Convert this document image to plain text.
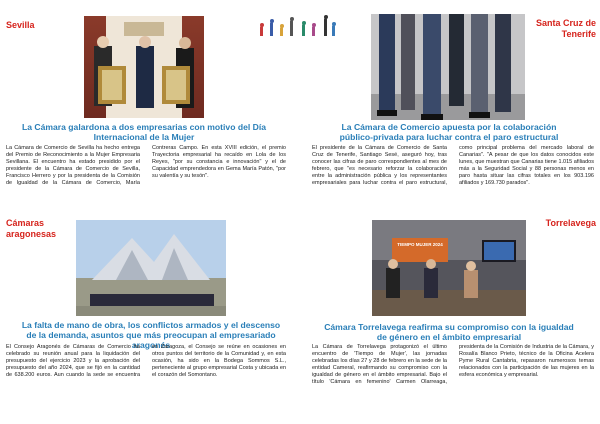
Sevilla
La Cámara galardona a dos empresarias con motivo del Día Internacional de la Mujer

La Cámara de Comercio de Sevilla ha hecho entrega del Premio de Reconocimiento a la Mujer Empresaria Sevillana. El encuentro ha estado presidido por el presidente de la Cámara de Comercio de Sevilla, Francisco Herrero y por la presidenta de la Comisión de Igualdad de la Cámara de Comercio, María Contreras Campo. En esta XVIII edición, el premio Trayectoria empresarial ha recaído en Lola de los Reyes, "por su constancia e innovación" y el de Capacidad emprendedora en Gema María Patón, "por su valentía y su tesón".

Santa Cruz de Tenerife
La Cámara de Comercio apuesta por la colaboración público-privada para luchar contra el paro estructural

El presidente de la Cámara de Comercio de Santa Cruz de Tenerife, Santiago Sesé, aseguró hoy, tras conocer las cifras de paro correspondientes al mes de febrero, que "es necesario reforzar la colaboración entre la administración pública y los representantes empresariales para luchar contra el paro estructural, como principal problema del mercado laboral de Canarias". "A pesar de que los datos conocidos este lunes, que muestran que Canarias tiene 1.015 afiliados más a la Seguridad Social y 88 personas menos en paro hasta situar las cifras totales en los 903.196 afiliados y 169.730 parados".

Cámaras aragonesas
La falta de mano de obra, los conflictos armados y el descenso de la demanda, asuntos que más preocupan al empresariado aragonés

El Consejo Aragonés de Cámaras de Comercio ha celebrado su reunión anual para la liquidación del presupuesto del ejercicio 2023 y la aprobación del presupuesto del año 2024, que se fijó en la cantidad de 638.200 euros. Aun cuando la sede se encuentra en Zaragoza, el Consejo se reúne en ocasiones en otros puntos del territorio de la Comunidad y, en esta ocasión, ha sido en la Bodega Sommos S.L., perteneciente al grupo empresarial Costa y ubicada en el corazón del Somontano.

Torrelavega
TIEMPO MUJER 2024
Cámara Torrelavega reafirma su compromiso con la igualdad de género en el ámbito empresarial

La Cámara de Torrelavega protagonizó el último encuentro de 'Tiempo de Mujer', las jornadas celebradas los días 27 y 28 de febrero en la sede de la entidad Cameral, reafirmando su compromiso con la igualdad de género en el ámbito empresarial. Bajo el título 'Cámara en femenino' Carmen Olarreaga, presidenta de la Comisión de Industria de la Cámara, y Rosalía Blanco Prieto, técnico de la Oficina Acelera Pyme Rural Cantabria, repasaron numerosos temas relacionados con la participación de las mujeres en la esfera económica y empresarial.
